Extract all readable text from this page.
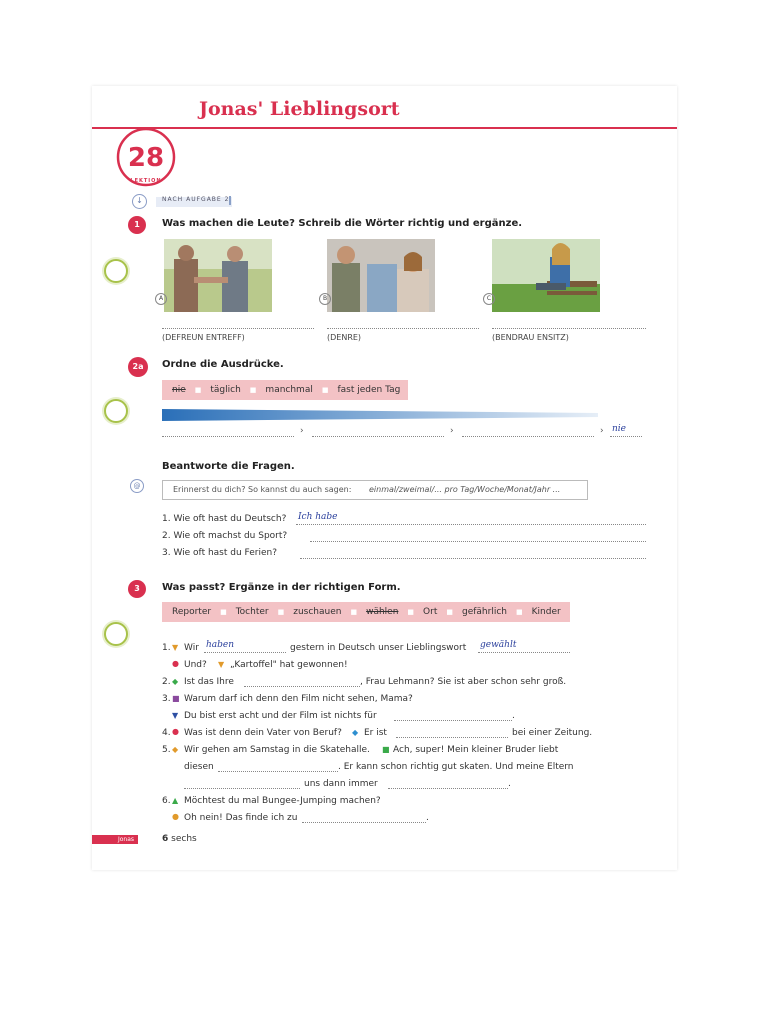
Jonas' Lieblingsort
28
LEKTION
↓	NACH AUFGABE 2
1	Was machen die Leute? Schreib die Wörter richtig und ergänze.
A	B	C
(DEFREUN ENTREFF)	(DENRE)	(BENDRAU ENSITZ)
2a	Ordne die Ausdrücke.
nie ■ täglich ■ manchmal ■ fast jeden Tag
›	›	› nie
Beantworte die Fragen.
@	Erinnerst du dich? So kannst du auch sagen: einmal/zweimal/... pro Tag/Woche/Monat/Jahr ...
1. Wie oft hast du Deutsch? Ich habe
2. Wie oft machst du Sport?
3. Wie oft hast du Ferien?
3	Was passt? Ergänze in der richtigen Form.
Reporter ■ Tochter ■ zuschauen ■ wählen ■ Ort ■ gefährlich ■ Kinder
1. ▼ Wir haben	gestern in Deutsch unser Lieblingswort gewählt
● Und? ▼ „Kartoffel" hat gewonnen!
2. ◆ Ist das Ihre	, Frau Lehmann? Sie ist aber schon sehr groß.
3. ■ Warum darf ich denn den Film nicht sehen, Mama?
▼ Du bist erst acht und der Film ist nichts für	.
4. ● Was ist denn dein Vater von Beruf? ◆ Er ist	bei einer Zeitung.
5. ◆ Wir gehen am Samstag in die Skatehalle. ■ Ach, super! Mein kleiner Bruder liebt
diesen	. Er kann schon richtig gut skaten. Und meine Eltern
uns dann immer	.
6. ▲ Möchtest du mal Bungee-Jumping machen?
● Oh nein! Das finde ich zu	.
Jonas	6 sechs
